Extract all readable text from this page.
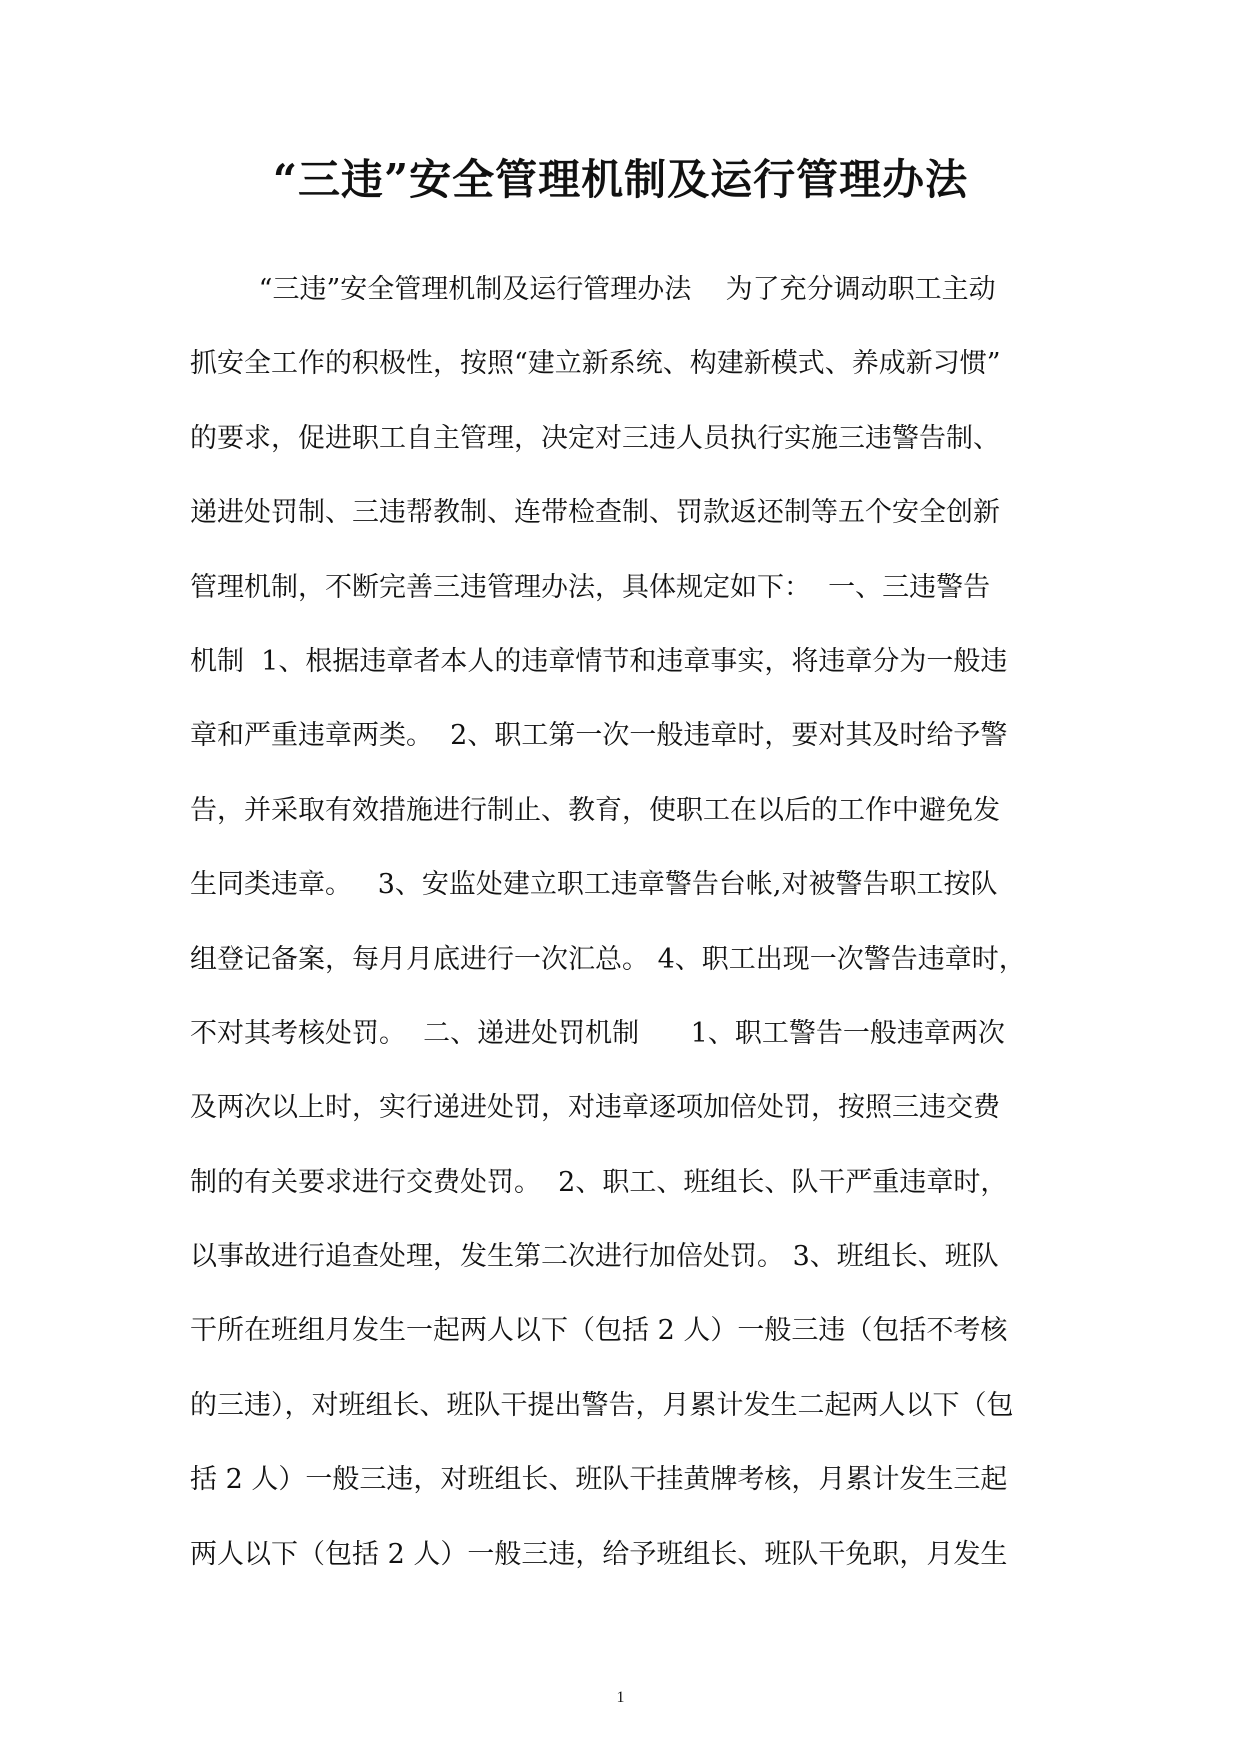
“三违”安全管理机制及运行管理办法
“三违”安全管理机制及运行管理办法    为了充分调动职工主动
抓安全工作的积极性，按照“建立新系统、构建新模式、养成新习惯”
的要求，促进职工自主管理，决定对三违人员执行实施三违警告制、
递进处罚制、三违帮教制、连带检查制、罚款返还制等五个安全创新
管理机制，不断完善三违管理办法，具体规定如下：  一、三违警告
机制  1、根据违章者本人的违章情节和违章事实，将违章分为一般违
章和严重违章两类。  2、职工第一次一般违章时，要对其及时给予警
告，并采取有效措施进行制止、教育，使职工在以后的工作中避免发
生同类违章。   3、安监处建立职工违章警告台帐,对被警告职工按队
组登记备案，每月月底进行一次汇总。 4、职工出现一次警告违章时，
不对其考核处罚。  二、递进处罚机制      1、职工警告一般违章两次
及两次以上时，实行递进处罚，对违章逐项加倍处罚，按照三违交费
制的有关要求进行交费处罚。  2、职工、班组长、队干严重违章时，
以事故进行追查处理，发生第二次进行加倍处罚。 3、班组长、班队
干所在班组月发生一起两人以下（包括 2 人）一般三违（包括不考核
的三违），对班组长、班队干提出警告，月累计发生二起两人以下（包
括 2 人）一般三违，对班组长、班队干挂黄牌考核，月累计发生三起
两人以下（包括 2 人）一般三违，给予班组长、班队干免职，月发生
1
